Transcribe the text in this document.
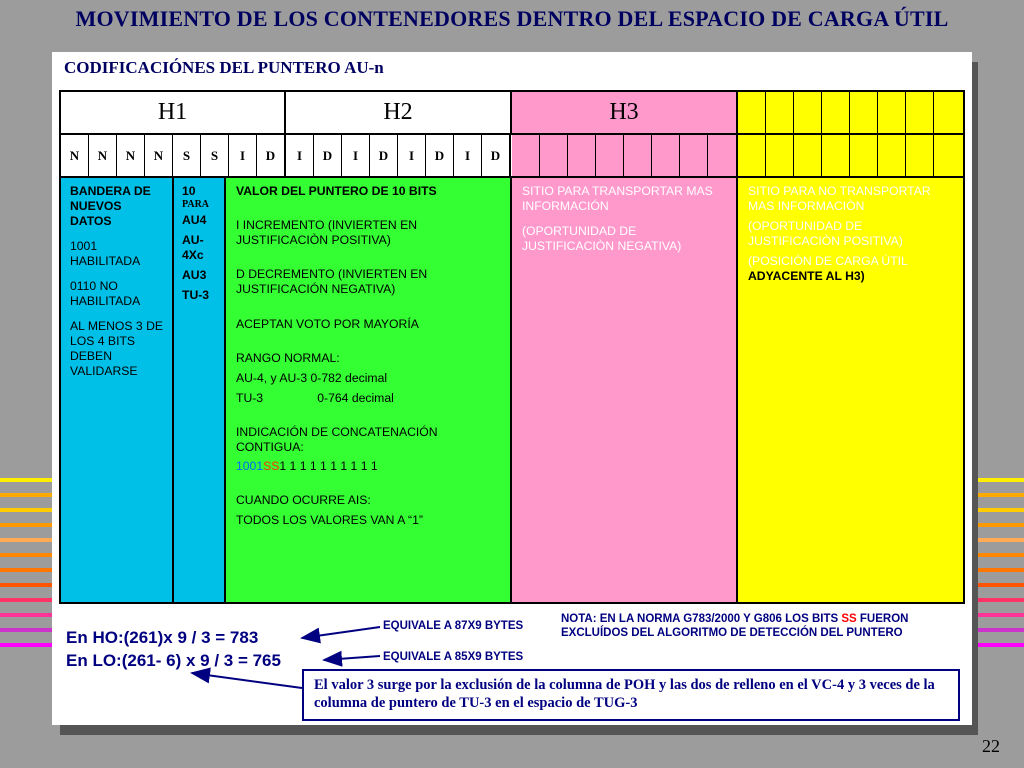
MOVIMIENTO DE LOS CONTENEDORES DENTRO DEL ESPACIO DE CARGA ÚTIL
CODIFICACIÓNES DEL PUNTERO AU-n
H1	H2	H3
N	N	N	N	S	S	I	D	I	D	I	D	I	D	I	D
BANDERA DE NUEVOS DATOS
1001 HABILITADA
0110 NO HABILITADA
AL MENOS 3 DE LOS 4 BITS DEBEN VALIDARSE
10
PARA
AU4
AU-4Xc
AU3
TU-3
VALOR DEL PUNTERO DE 10 BITS
I INCREMENTO (INVIERTEN EN JUSTIFICACIÒN POSITIVA)
D DECREMENTO (INVIERTEN EN JUSTIFICACIÓN NEGATIVA)
ACEPTAN VOTO POR MAYORÍA
RANGO NORMAL:
AU-4, y AU-3 0-782 decimal
TU-3                0-764 decimal
INDICACIÓN DE CONCATENACIÓN CONTIGUA:
1001SS1 1 1 1 1 1 1 1 1 1
CUANDO OCURRE AIS:
TODOS LOS VALORES VAN A “1”
SITIO PARA TRANSPORTAR MAS INFORMACIÓN
(OPORTUNIDAD DE JUSTIFICACIÒN NEGATIVA)
SITIO PARA NO TRANSPORTAR MAS INFORMACIÒN
(OPORTUNIDAD DE JUSTIFICACIÒN POSITIVA)
(POSICIÓN DE CARGA ÚTIL ADYACENTE AL H3)
En HO:(261)x 9 / 3 = 783
En LO:(261- 6) x 9 / 3 = 765
EQUIVALE A 87X9 BYTES
EQUIVALE A 85X9 BYTES
NOTA: EN LA NORMA G783/2000 Y G806 LOS BITS SS FUERON
EXCLUÍDOS DEL ALGORITMO DE DETECCIÓN DEL PUNTERO
El valor 3 surge por la exclusión de la columna de POH y las dos de relleno en el VC-4 y 3 veces de la columna de puntero de TU-3 en el espacio de TUG-3
22
